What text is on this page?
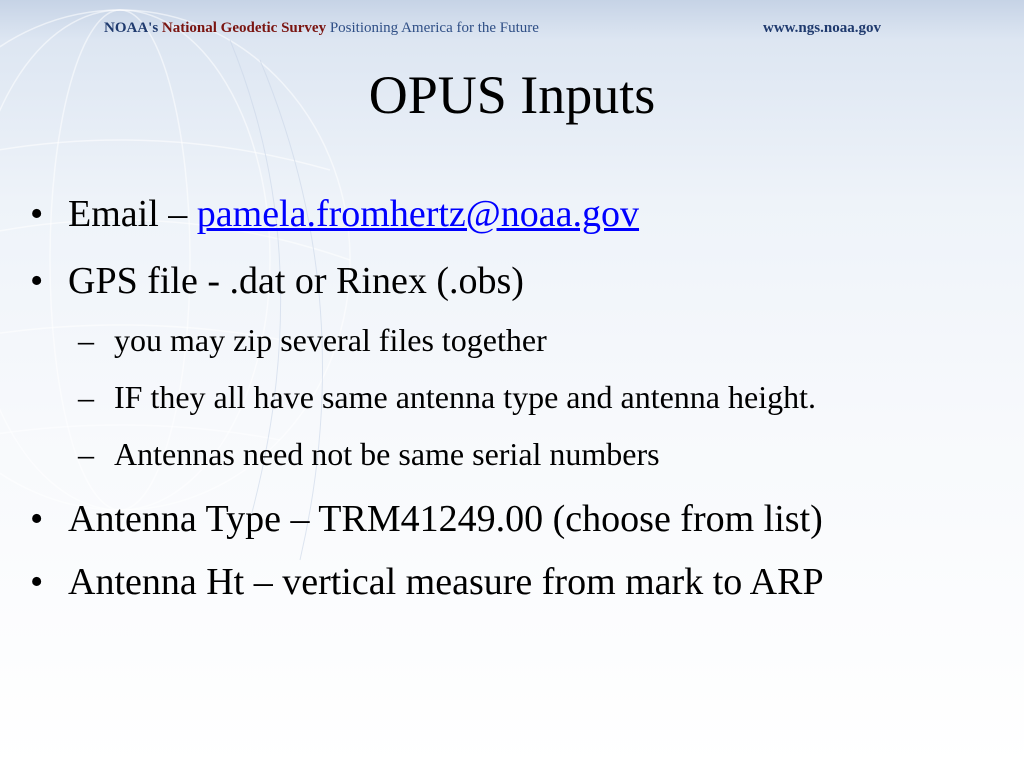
NOAA's National Geodetic Survey Positioning America for the Future	www.ngs.noaa.gov
OPUS Inputs
• Email – pamela.fromhertz@noaa.gov
• GPS file - .dat or Rinex (.obs)
– you may zip several files together
– IF they all have same antenna type and antenna height.
– Antennas need not be same serial numbers
• Antenna Type – TRM41249.00 (choose from list)
• Antenna Ht – vertical measure from mark to ARP
